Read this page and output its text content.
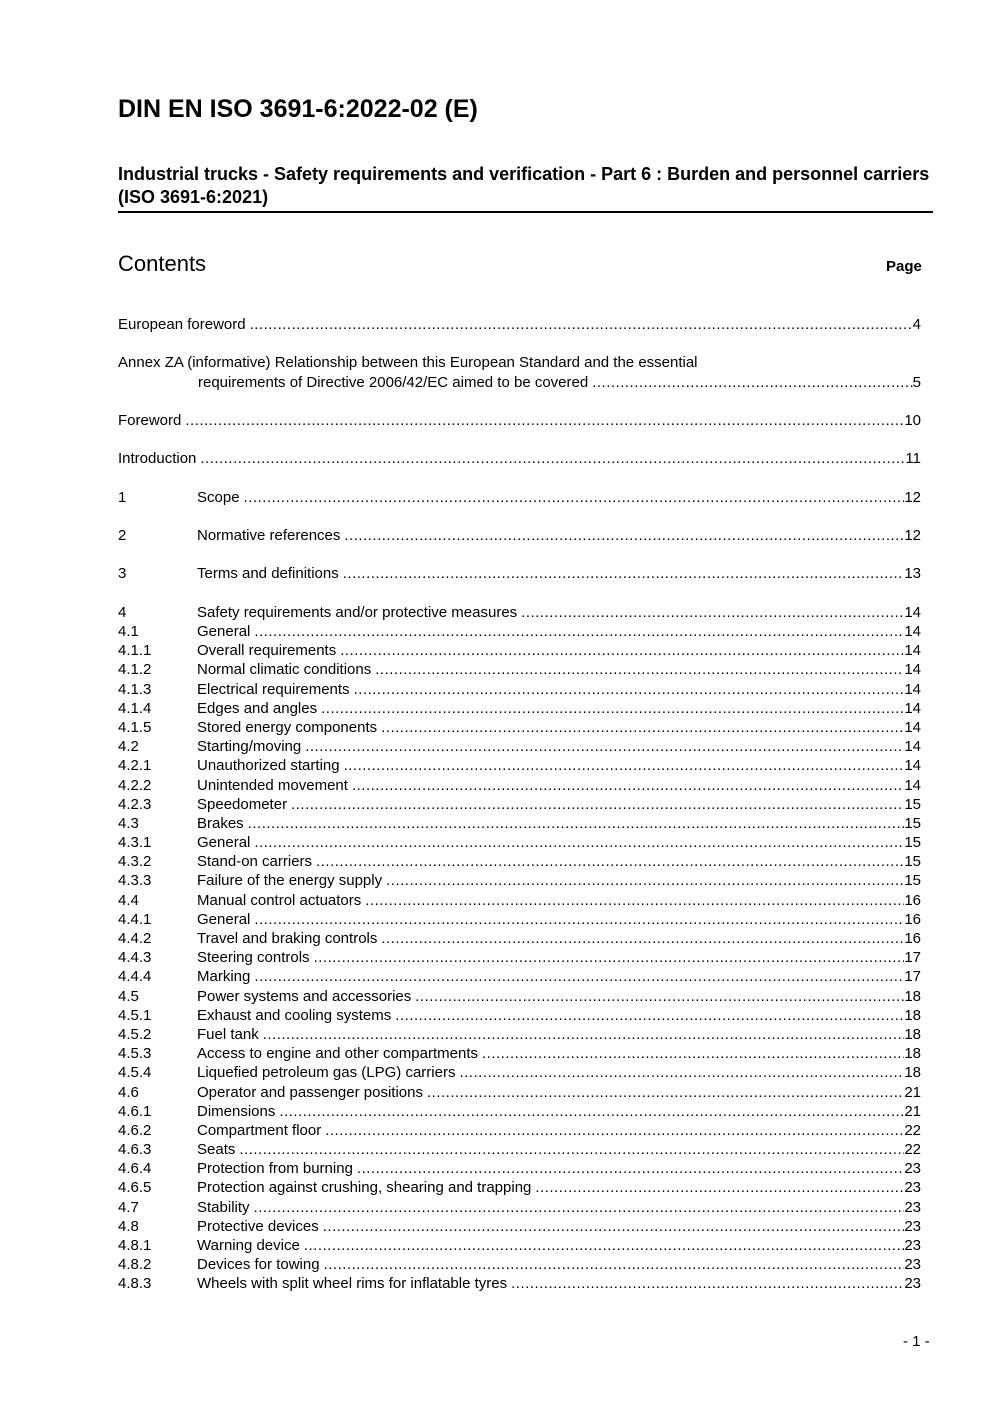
DIN EN ISO 3691-6:2022-02 (E)
Industrial trucks - Safety requirements and verification - Part 6 : Burden and personnel carriers (ISO 3691-6:2021)
Contents	Page
European foreword .....	4
Annex ZA (informative) Relationship between this European Standard and the essential
requirements of Directive 2006/42/EC aimed to be covered .....	5
Foreword .....	10
Introduction .....	11
1	Scope .....	12
2	Normative references .....	12
3	Terms and definitions .....	13
4	Safety requirements and/or protective measures .....	14
4.1	General .....	14
4.1.1	Overall requirements .....	14
4.1.2	Normal climatic conditions .....	14
4.1.3	Electrical requirements .....	14
4.1.4	Edges and angles .....	14
4.1.5	Stored energy components .....	14
4.2	Starting/moving .....	14
4.2.1	Unauthorized starting .....	14
4.2.2	Unintended movement .....	14
4.2.3	Speedometer .....	15
4.3	Brakes .....	15
4.3.1	General .....	15
4.3.2	Stand-on carriers .....	15
4.3.3	Failure of the energy supply .....	15
4.4	Manual control actuators .....	16
4.4.1	General .....	16
4.4.2	Travel and braking controls .....	16
4.4.3	Steering controls .....	17
4.4.4	Marking .....	17
4.5	Power systems and accessories .....	18
4.5.1	Exhaust and cooling systems .....	18
4.5.2	Fuel tank .....	18
4.5.3	Access to engine and other compartments .....	18
4.5.4	Liquefied petroleum gas (LPG) carriers .....	18
4.6	Operator and passenger positions .....	21
4.6.1	Dimensions .....	21
4.6.2	Compartment floor .....	22
4.6.3	Seats .....	22
4.6.4	Protection from burning .....	23
4.6.5	Protection against crushing, shearing and trapping .....	23
4.7	Stability .....	23
4.8	Protective devices .....	23
4.8.1	Warning device .....	23
4.8.2	Devices for towing .....	23
4.8.3	Wheels with split wheel rims for inflatable tyres .....	23
- 1 -
